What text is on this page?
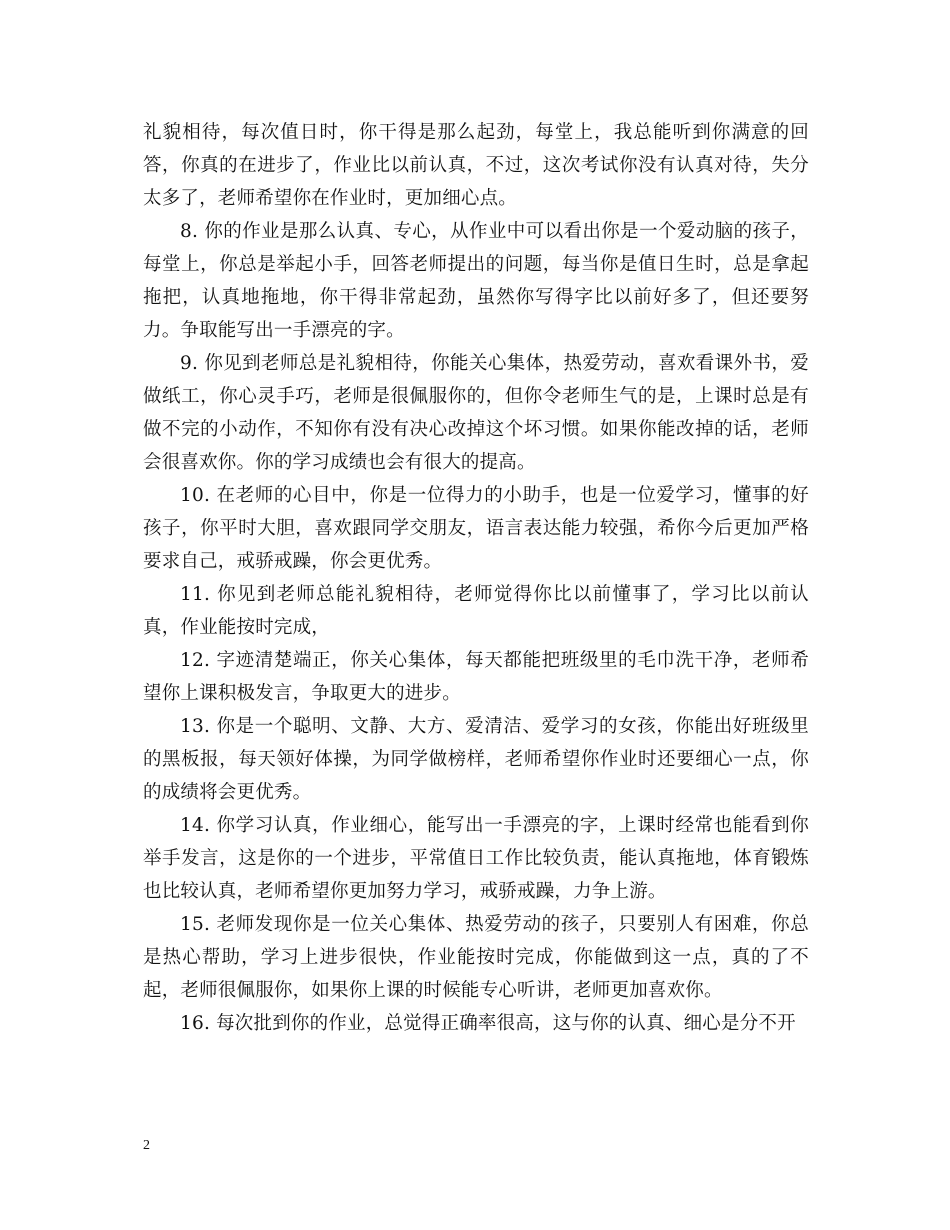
礼貌相待，每次值日时，你干得是那么起劲，每堂上，我总能听到你满意的回答，你真的在进步了，作业比以前认真，不过，这次考试你没有认真对待，失分太多了，老师希望你在作业时，更加细心点。

8. 你的作业是那么认真、专心，从作业中可以看出你是一个爱动脑的孩子，每堂上，你总是举起小手，回答老师提出的问题，每当你是值日生时，总是拿起拖把，认真地拖地，你干得非常起劲，虽然你写得字比以前好多了，但还要努力。争取能写出一手漂亮的字。

9. 你见到老师总是礼貌相待，你能关心集体，热爱劳动，喜欢看课外书，爱做纸工，你心灵手巧，老师是很佩服你的，但你令老师生气的是，上课时总是有做不完的小动作，不知你有没有决心改掉这个坏习惯。如果你能改掉的话，老师会很喜欢你。你的学习成绩也会有很大的提高。

10. 在老师的心目中，你是一位得力的小助手，也是一位爱学习，懂事的好孩子，你平时大胆，喜欢跟同学交朋友，语言表达能力较强，希你今后更加严格要求自己，戒骄戒躁，你会更优秀。

11. 你见到老师总能礼貌相待，老师觉得你比以前懂事了，学习比以前认真，作业能按时完成，

12. 字迹清楚端正，你关心集体，每天都能把班级里的毛巾洗干净，老师希望你上课积极发言，争取更大的进步。

13. 你是一个聪明、文静、大方、爱清洁、爱学习的女孩，你能出好班级里的黑板报，每天领好体操，为同学做榜样，老师希望你作业时还要细心一点，你的成绩将会更优秀。

14. 你学习认真，作业细心，能写出一手漂亮的字，上课时经常也能看到你举手发言，这是你的一个进步，平常值日工作比较负责，能认真拖地，体育锻炼也比较认真，老师希望你更加努力学习，戒骄戒躁，力争上游。

15. 老师发现你是一位关心集体、热爱劳动的孩子，只要别人有困难，你总是热心帮助，学习上进步很快，作业能按时完成，你能做到这一点，真的了不起，老师很佩服你，如果你上课的时候能专心听讲，老师更加喜欢你。

16. 每次批到你的作业，总觉得正确率很高，这与你的认真、细心是分不开

2
